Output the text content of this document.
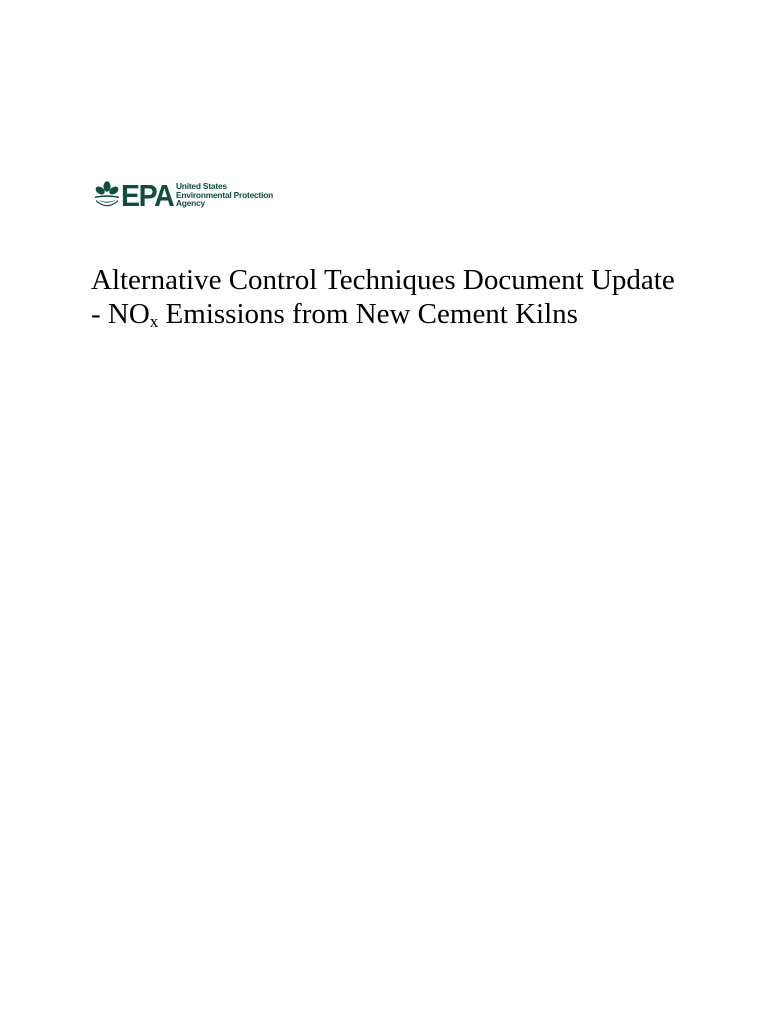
EPA United States
Environmental Protection
Agency
Alternative Control Techniques Document Update - $NO_x$ Emissions from New Cement Kilns
